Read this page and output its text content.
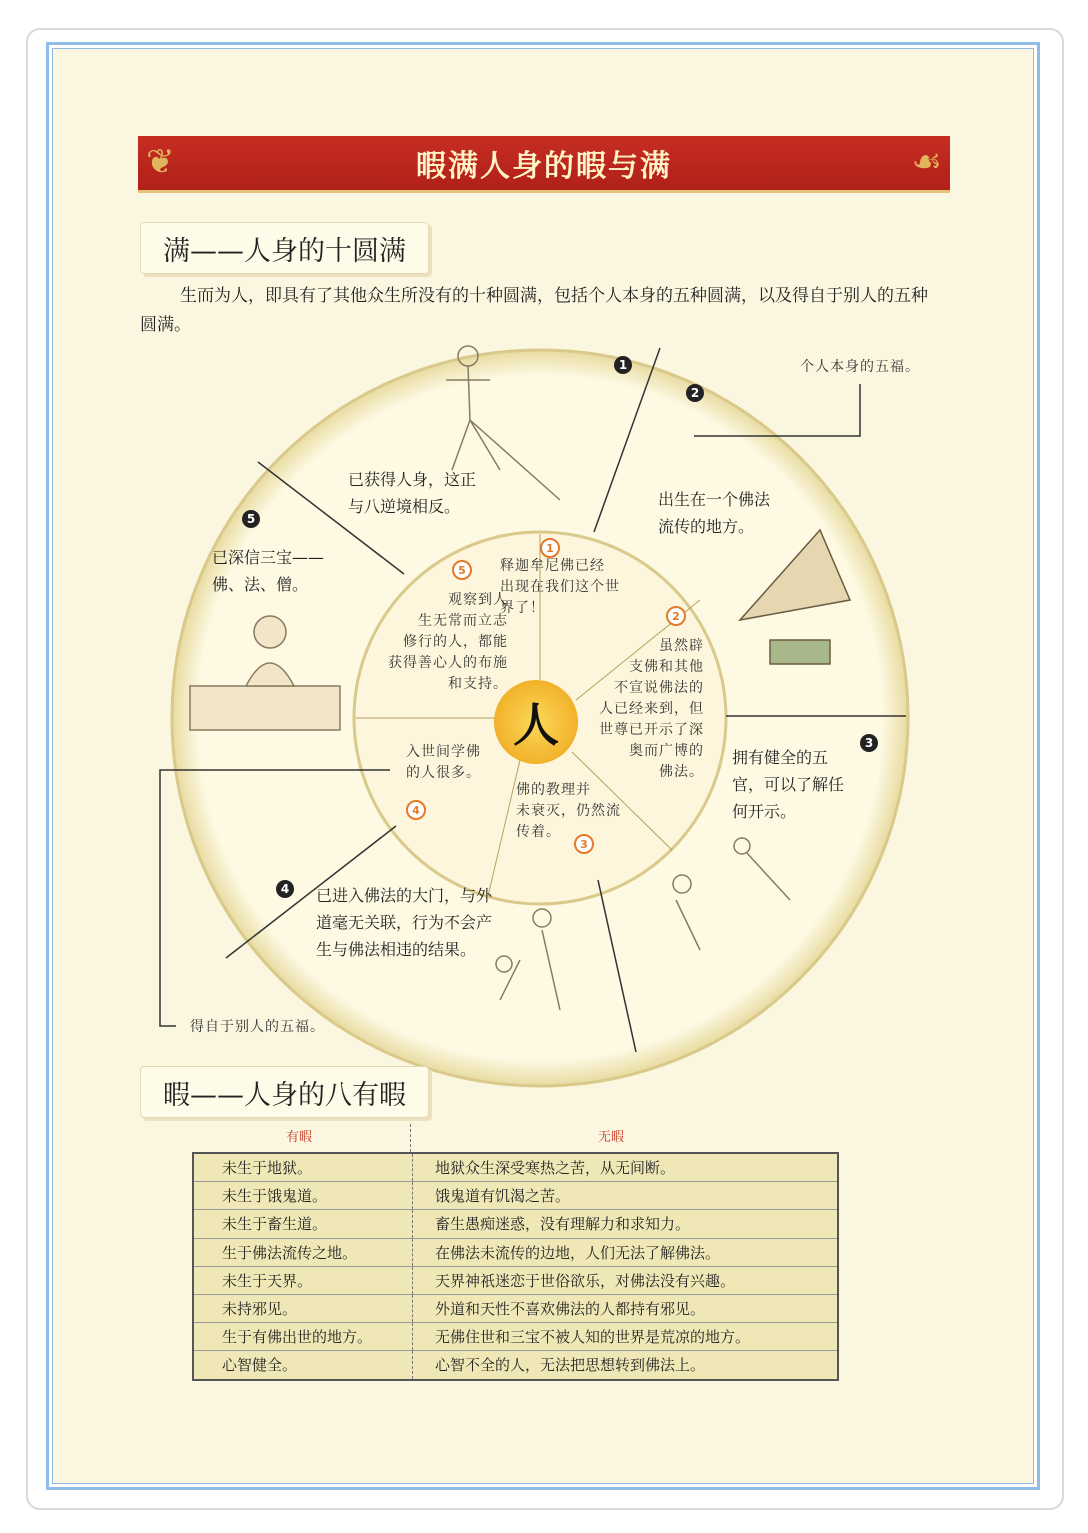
❦	暇满人身的暇与满	☙
满——人身的十圆满
生而为人，即具有了其他众生所没有的十种圆满，包括个人本身的五种圆满，以及得自于别人的五种圆满。
人
1
2
3
4
5
已获得人身，这正
与八逆境相反。	出生在一个佛法
流传的地方。
拥有健全的五
官，可以了解任
何开示。
已进入佛法的大门，与外
道毫无关联，行为不会产
生与佛法相违的结果。
已深信三宝——
佛、法、僧。
1
2
3
4
5	释迦牟尼佛已经
出现在我们这个世
界了！
虽然辟
支佛和其他
不宣说佛法的
人已经来到，但
世尊已开示了深
奥而广博的
佛法。
佛的教理并
未衰灭，仍然流
传着。
入世间学佛
的人很多。
观察到人
生无常而立志
修行的人，都能
获得善心人的布施
和支持。
个人本身的五福。
得自于别人的五福。
暇——人身的八有暇
有暇	无暇
未生于地狱。	地狱众生深受寒热之苦，从无间断。
未生于饿鬼道。	饿鬼道有饥渴之苦。
未生于畜生道。	畜生愚痴迷惑，没有理解力和求知力。
生于佛法流传之地。	在佛法未流传的边地，人们无法了解佛法。
未生于天界。	天界神祇迷恋于世俗欲乐，对佛法没有兴趣。
未持邪见。	外道和天性不喜欢佛法的人都持有邪见。
生于有佛出世的地方。	无佛住世和三宝不被人知的世界是荒凉的地方。
心智健全。	心智不全的人，无法把思想转到佛法上。
